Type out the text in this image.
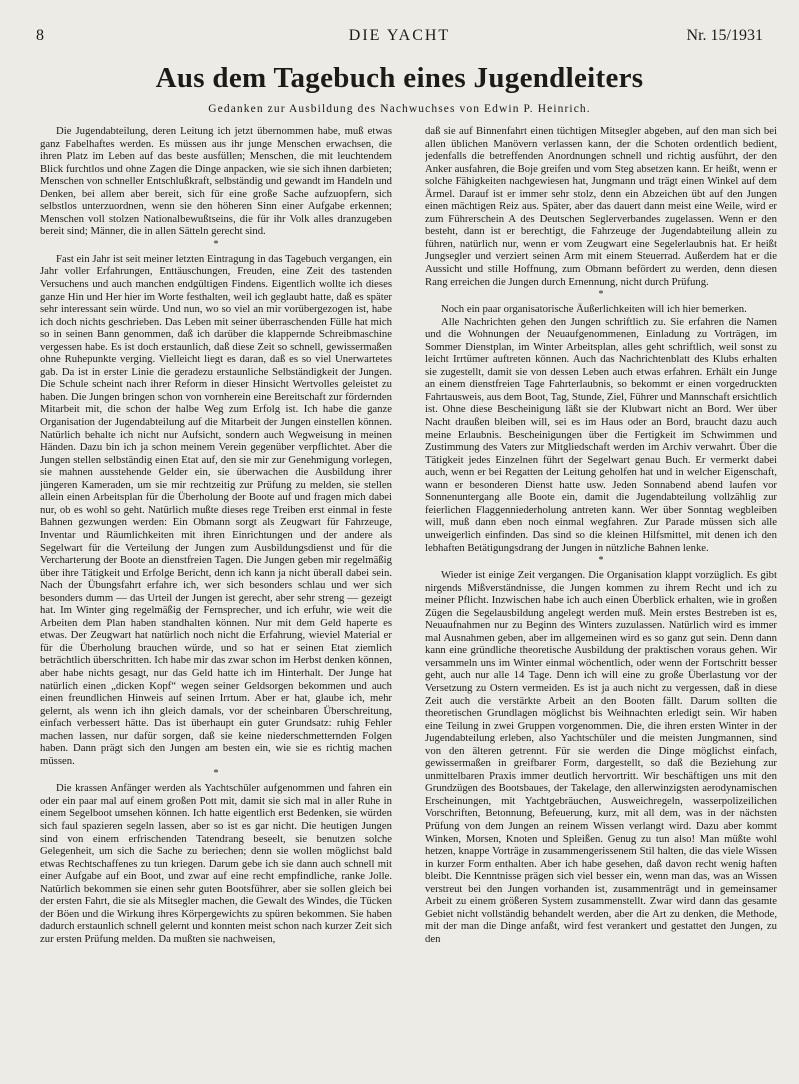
8	DIE YACHT	Nr. 15/1931
Aus dem Tagebuch eines Jugendleiters
Gedanken zur Ausbildung des Nachwuchses von Edwin P. Heinrich.

Die Jugendabteilung, deren Leitung ich jetzt übernommen habe, muß etwas ganz Fabelhaftes werden. Es müssen aus ihr junge Menschen erwachsen, die ihren Platz im Leben auf das beste ausfüllen; Menschen, die mit leuchtendem Blick furchtlos und ohne Zagen die Dinge anpacken, wie sie sich ihnen darbieten; Menschen von schneller Entschlußkraft, selbständig und gewandt im Handeln und Denken, bei allem aber bereit, sich für eine große Sache aufzuopfern, sich selbstlos unterzuordnen, wenn sie den höheren Sinn einer Aufgabe erkennen; Menschen voll stolzen Nationalbewußtseins, die für ihr Volk alles dranzugeben bereit sind; Männer, die in allen Sätteln gerecht sind.

*

Fast ein Jahr ist seit meiner letzten Eintragung in das Tagebuch vergangen, ein Jahr voller Erfahrungen, Enttäuschungen, Freuden, eine Zeit des tastenden Versuchens und auch manchen endgültigen Findens. Eigentlich wollte ich dieses ganze Hin und Her hier im Worte festhalten, weil ich geglaubt hatte, daß es später sehr interessant sein würde. Und nun, wo so viel an mir vorübergezogen ist, habe ich doch nichts geschrieben. Das Leben mit seiner überraschenden Fülle hat mich so in seinen Bann genommen, daß ich darüber die klappernde Schreibmaschine vergessen habe. Es ist doch erstaunlich, daß diese Zeit so schnell, gewissermaßen ohne Ruhepunkte verging. Vielleicht liegt es daran, daß es so viel Unerwartetes gab. Da ist in erster Linie die geradezu erstaunliche Selbständigkeit der Jungen. Die Schule scheint nach ihrer Reform in dieser Hinsicht Wertvolles geleistet zu haben. Die Jungen bringen schon von vornherein eine Bereitschaft zur fördernden Mitarbeit mit, die schon der halbe Weg zum Erfolg ist. Ich habe die ganze Organisation der Jugendabteilung auf die Mitarbeit der Jungen einstellen können. Natürlich behalte ich nicht nur Aufsicht, sondern auch Wegweisung in meinen Händen. Dazu bin ich ja schon meinem Verein gegenüber verpflichtet. Aber die Jungen stellen selbständig einen Etat auf, den sie mir zur Genehmigung vorlegen, sie mahnen ausstehende Gelder ein, sie überwachen die Ausbildung ihrer jüngeren Kameraden, um sie mir rechtzeitig zur Prüfung zu melden, sie stellen allein einen Arbeitsplan für die Überholung der Boote auf und fragen mich dabei nur, ob es wohl so geht. Natürlich mußte dieses rege Treiben erst einmal in feste Bahnen gezwungen werden: Ein Obmann sorgt als Zeugwart für Fahrzeuge, Inventar und Räumlichkeiten mit ihren Einrichtungen und der andere als Segelwart für die Verteilung der Jungen zum Ausbildungsdienst und für die Vercharterung der Boote an dienstfreien Tagen. Die Jungen geben mir regelmäßig über ihre Tätigkeit und Erfolge Bericht, denn ich kann ja nicht überall dabei sein. Nach der Übungsfahrt erfahre ich, wer sich besonders schlau und wer sich besonders dumm — das Urteil der Jungen ist gerecht, aber sehr streng — gezeigt hat. Im Winter ging regelmäßig der Fernsprecher, und ich erfuhr, wie weit die Arbeiten dem Plan haben standhalten können. Nur mit dem Geld haperte es etwas. Der Zeugwart hat natürlich noch nicht die Erfahrung, wieviel Material er für die Überholung brauchen würde, und so hat er seinen Etat ziemlich beträchtlich überschritten. Ich habe mir das zwar schon im Herbst denken können, aber habe nichts gesagt, nur das Geld hatte ich im Hinterhalt. Der Junge hat natürlich einen „dicken Kopf“ wegen seiner Geldsorgen bekommen und auch einen freundlichen Hinweis auf seinen Irrtum. Aber er hat, glaube ich, mehr gelernt, als wenn ich ihn gleich damals, vor der scheinbaren Überschreitung, einfach verbessert hätte. Das ist überhaupt ein guter Grundsatz: ruhig Fehler machen lassen, nur dafür sorgen, daß sie keine niederschmetternden Folgen haben. Dann prägt sich den Jungen am besten ein, wie sie es richtig machen müssen.

*

Die krassen Anfänger werden als Yachtschüler aufgenommen und fahren ein oder ein paar mal auf einem großen Pott mit, damit sie sich mal in aller Ruhe in einem Segelboot umsehen können. Ich hatte eigentlich erst Bedenken, sie würden sich faul spazieren segeln lassen, aber so ist es gar nicht. Die heutigen Jungen sind von einem erfrischenden Tatendrang beseelt, sie benutzen solche Gelegenheit, um sich die Sache zu beriechen; denn sie wollen möglichst bald etwas Rechtschaffenes zu tun kriegen. Darum gebe ich sie dann auch schnell mit einer Aufgabe auf ein Boot, und zwar auf eine recht empfindliche, ranke Jolle. Natürlich bekommen sie einen sehr guten Bootsführer, aber sie sollen gleich bei der ersten Fahrt, die sie als Mitsegler machen, die Gewalt des Windes, die Tücken der Böen und die Wirkung ihres Körpergewichts zu spüren bekommen. Sie haben dadurch erstaunlich schnell gelernt und konnten meist schon nach kurzer Zeit sich zur ersten Prüfung melden. Da mußten sie nachweisen,

daß sie auf Binnenfahrt einen tüchtigen Mitsegler abgeben, auf den man sich bei allen üblichen Manövern verlassen kann, der die Schoten ordentlich bedient, jedenfalls die betreffenden Anordnungen schnell und richtig ausführt, der den Anker ausfahren, die Boje greifen und vom Steg absetzen kann. Er heißt, wenn er solche Fähigkeiten nachgewiesen hat, Jungmann und trägt einen Winkel auf dem Ärmel. Darauf ist er immer sehr stolz, denn ein Abzeichen übt auf den Jungen einen mächtigen Reiz aus. Später, aber das dauert dann meist eine Weile, wird er zum Führerschein A des Deutschen Seglerverbandes zugelassen. Wenn er den besteht, dann ist er berechtigt, die Fahrzeuge der Jugendabteilung allein zu führen, natürlich nur, wenn er vom Zeugwart eine Segelerlaubnis hat. Er heißt Jungsegler und verziert seinen Arm mit einem Steuerrad. Außerdem hat er die Aussicht und stille Hoffnung, zum Obmann befördert zu werden, denn diesen Rang erreichen die Jungen durch Ernennung, nicht durch Prüfung.

*

Noch ein paar organisatorische Äußerlichkeiten will ich hier bemerken.

Alle Nachrichten gehen den Jungen schriftlich zu. Sie erfahren die Namen und die Wohnungen der Neuaufgenommenen, Einladung zu Vorträgen, im Sommer Dienstplan, im Winter Arbeitsplan, alles geht schriftlich, weil sonst zu leicht Irrtümer auftreten können. Auch das Nachrichtenblatt des Klubs erhalten sie zugestellt, damit sie von dessen Leben auch etwas erfahren. Erhält ein Junge an einem dienstfreien Tage Fahrterlaubnis, so bekommt er einen vorgedruckten Fahrtausweis, aus dem Boot, Tag, Stunde, Ziel, Führer und Mannschaft ersichtlich ist. Ohne diese Bescheinigung läßt sie der Klubwart nicht an Bord. Wer über Nacht draußen bleiben will, sei es im Haus oder an Bord, braucht dazu auch meine Erlaubnis. Bescheinigungen über die Fertigkeit im Schwimmen und Zustimmung des Vaters zur Mitgliedschaft werden im Archiv verwahrt. Über die Tätigkeit jedes Einzelnen führt der Segelwart genau Buch. Er vermerkt dabei auch, wenn er bei Regatten der Leitung geholfen hat und in welcher Eigenschaft, wann er besonderen Dienst hatte usw. Jeden Sonnabend abend laufen vor Sonnenuntergang alle Boote ein, damit die Jugendabteilung vollzählig zur feierlichen Flaggenniederholung antreten kann. Wer über Sonntag wegbleiben will, muß dann eben noch einmal wegfahren. Zur Parade müssen sich alle unweigerlich einfinden. Das sind so die kleinen Hilfsmittel, mit denen ich den lebhaften Betätigungsdrang der Jungen in nützliche Bahnen lenke.

*

Wieder ist einige Zeit vergangen. Die Organisation klappt vorzüglich. Es gibt nirgends Mißverständnisse, die Jungen kommen zu ihrem Recht und ich zu meiner Pflicht. Inzwischen habe ich auch einen Überblick erhalten, wie in großen Zügen die Segelausbildung angelegt werden muß. Mein erstes Bestreben ist es, Neuaufnahmen nur zu Beginn des Winters zuzulassen. Natürlich wird es immer mal Ausnahmen geben, aber im allgemeinen wird es so ganz gut sein. Denn dann kann eine gründliche theoretische Ausbildung der praktischen voraus gehen. Wir versammeln uns im Winter einmal wöchentlich, oder wenn der Fortschritt besser geht, auch nur alle 14 Tage. Denn ich will eine zu große Überlastung vor der Versetzung zu Ostern vermeiden. Es ist ja auch nicht zu vergessen, daß in diese Zeit auch die verstärkte Arbeit an den Booten fällt. Darum sollten die theoretischen Grundlagen möglichst bis Weihnachten erledigt sein. Wir haben eine Teilung in zwei Gruppen vorgenommen. Die, die ihren ersten Winter in der Jugendabteilung erleben, also Yachtschüler und die meisten Jungmannen, sind von den älteren getrennt. Für sie werden die Dinge möglichst einfach, gewissermaßen in greifbarer Form, dargestellt, so daß die Beziehung zur unmittelbaren Praxis immer deutlich hervortritt. Wir beschäftigen uns mit den Grundzügen des Bootsbaues, der Takelage, den allerwinzigsten aerodynamischen Erscheinungen, mit Yachtgebräuchen, Ausweichregeln, wasserpolizeilichen Vorschriften, Betonnung, Befeuerung, kurz, mit all dem, was in der nächsten Prüfung von dem Jungen an reinem Wissen verlangt wird. Dazu aber kommt Winken, Morsen, Knoten und Spleißen. Genug zu tun also! Man müßte wohl hetzen, knappe Vorträge in zusammengerissenem Stil halten, die das viele Wissen in kurzer Form enthalten. Aber ich habe gesehen, daß davon recht wenig haften bleibt. Die Kenntnisse prägen sich viel besser ein, wenn man das, was an Wissen verstreut bei den Jungen vorhanden ist, zusammenträgt und in gemeinsamer Arbeit zu einem größeren System zusammenstellt. Zwar wird dann das gesamte Gebiet nicht vollständig behandelt werden, aber die Art zu denken, die Methode, mit der man die Dinge anfaßt, wird fest verankert und gestattet den Jungen, zu den
